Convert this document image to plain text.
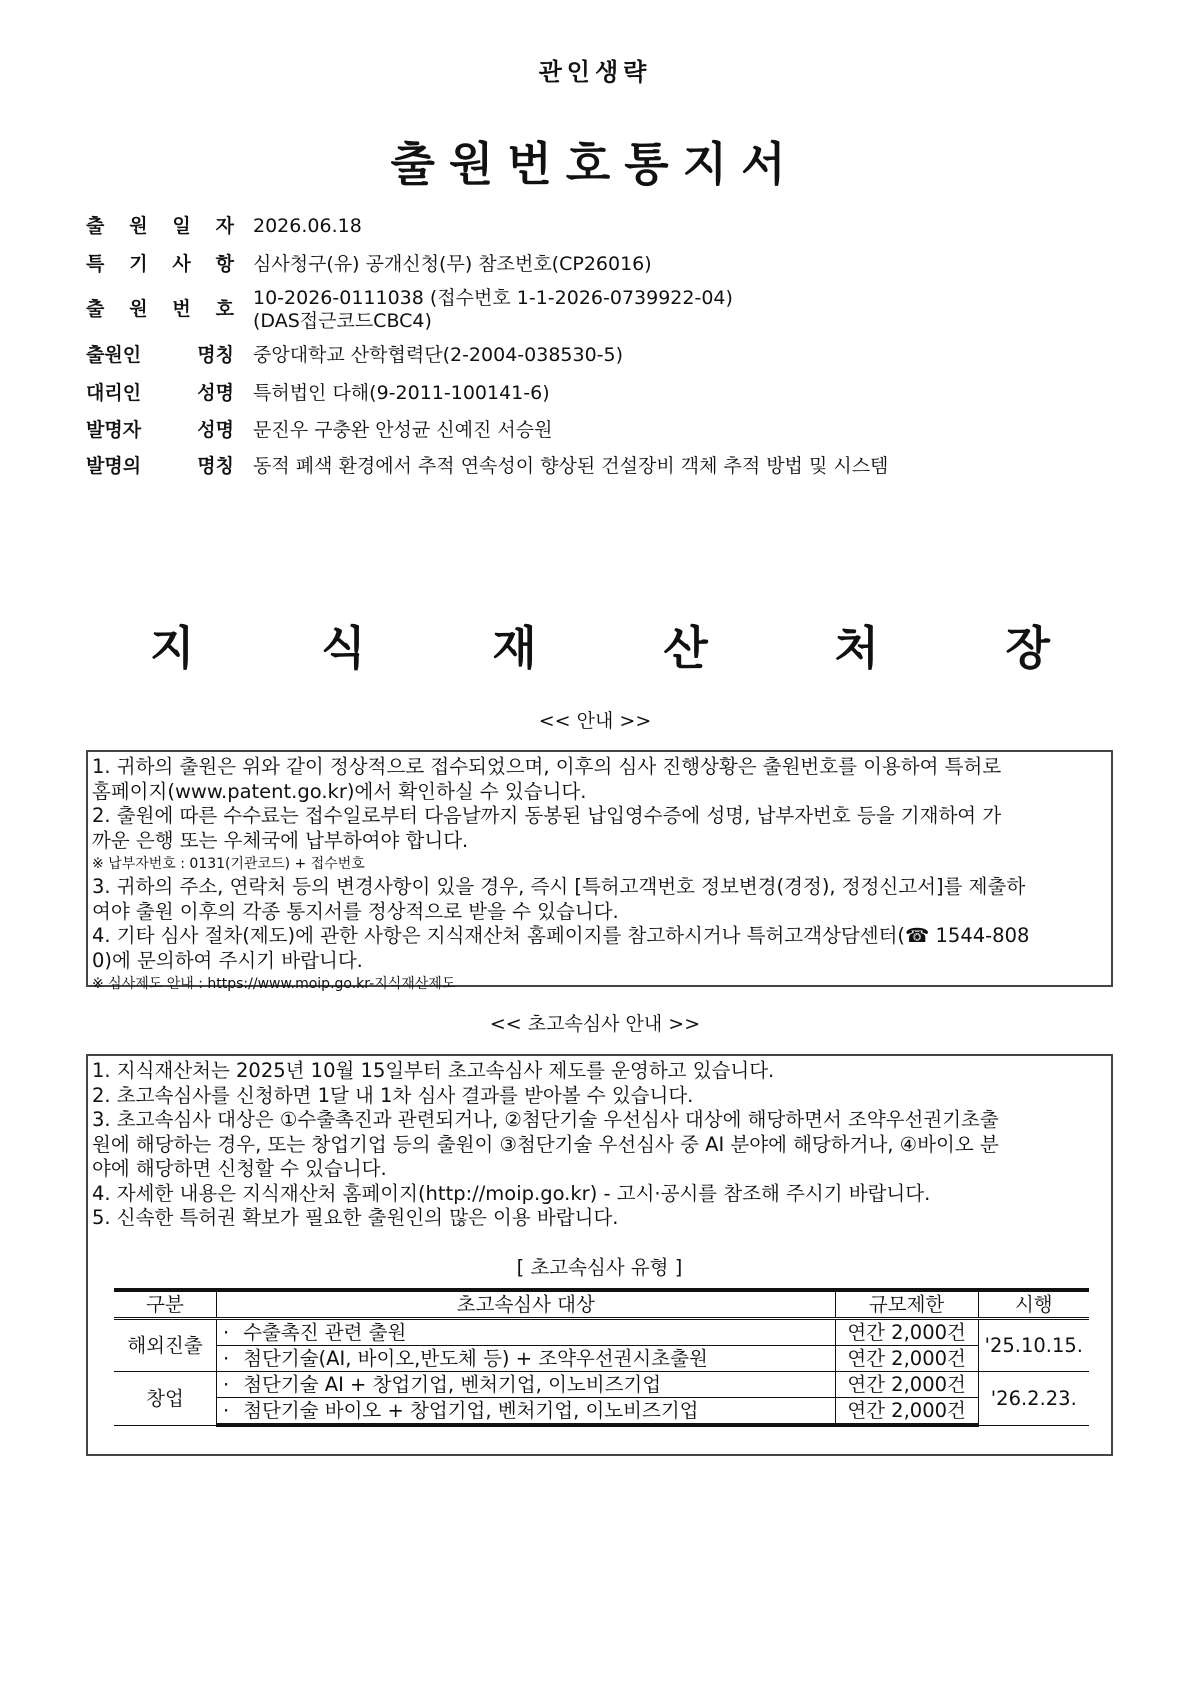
관인생략
출원번호통지서
출 원 일 자 2026.06.18
특 기 사 항 심사청구(유) 공개신청(무) 참조번호(CP26016)
출 원 번 호 10-2026-0111038 (접수번호 1-1-2026-0739922-04)
(DAS접근코드CBC4)
출원인	명칭 중앙대학교 산학협력단(2-2004-038530-5)
대리인	성명 특허법인 다해(9-2011-100141-6)
발명자	성명 문진우 구충완 안성균 신예진 서승원
발명의	명칭 동적 폐색 환경에서 추적 연속성이 향상된 건설장비 객체 추적 방법 및 시스템
지	식	재	산	처	장
<< 안내 >>
1. 귀하의 출원은 위와 같이 정상적으로 접수되었으며, 이후의 심사 진행상황은 출원번호를 이용하여 특허로
홈페이지(www.patent.go.kr)에서 확인하실 수 있습니다.
2. 출원에 따른 수수료는 접수일로부터 다음날까지 동봉된 납입영수증에 성명, 납부자번호 등을 기재하여 가
까운 은행 또는 우체국에 납부하여야 합니다.
※ 납부자번호 : 0131(기관코드) + 접수번호
3. 귀하의 주소, 연락처 등의 변경사항이 있을 경우, 즉시 [특허고객번호 정보변경(경정), 정정신고서]를 제출하
여야 출원 이후의 각종 통지서를 정상적으로 받을 수 있습니다.
4. 기타 심사 절차(제도)에 관한 사항은 지식재산처 홈페이지를 참고하시거나 특허고객상담센터(☎ 1544-808
0)에 문의하여 주시기 바랍니다.
※ 심사제도 안내 : https://www.moip.go.kr-지식재산제도
<< 초고속심사 안내 >>
1. 지식재산처는 2025년 10월 15일부터 초고속심사 제도를 운영하고 있습니다.
2. 초고속심사를 신청하면 1달 내 1차 심사 결과를 받아볼 수 있습니다.
3. 초고속심사 대상은 ①수출촉진과 관련되거나, ②첨단기술 우선심사 대상에 해당하면서 조약우선권기초출
원에 해당하는 경우, 또는 창업기업 등의 출원이 ③첨단기술 우선심사 중 AI 분야에 해당하거나, ④바이오 분
야에 해당하면 신청할 수 있습니다.
4. 자세한 내용은 지식재산처 홈페이지(http://moip.go.kr) - 고시·공시를 참조해 주시기 바랍니다.
5. 신속한 특허권 확보가 필요한 출원인의 많은 이용 바랍니다.
[ 초고속심사 유형 ]
구분	초고속심사 대상	규모제한	시행
해외진출	· 수출촉진 관련 출원	연간 2,000건	'25.10.15.
	· 첨단기술(AI, 바이오,반도체 등) + 조약우선권시초출원	연간 2,000건	
창업	· 첨단기술 AI + 창업기업, 벤처기업, 이노비즈기업	연간 2,000건	'26.2.23.
	· 첨단기술 바이오 + 창업기업, 벤처기업, 이노비즈기업	연간 2,000건	
